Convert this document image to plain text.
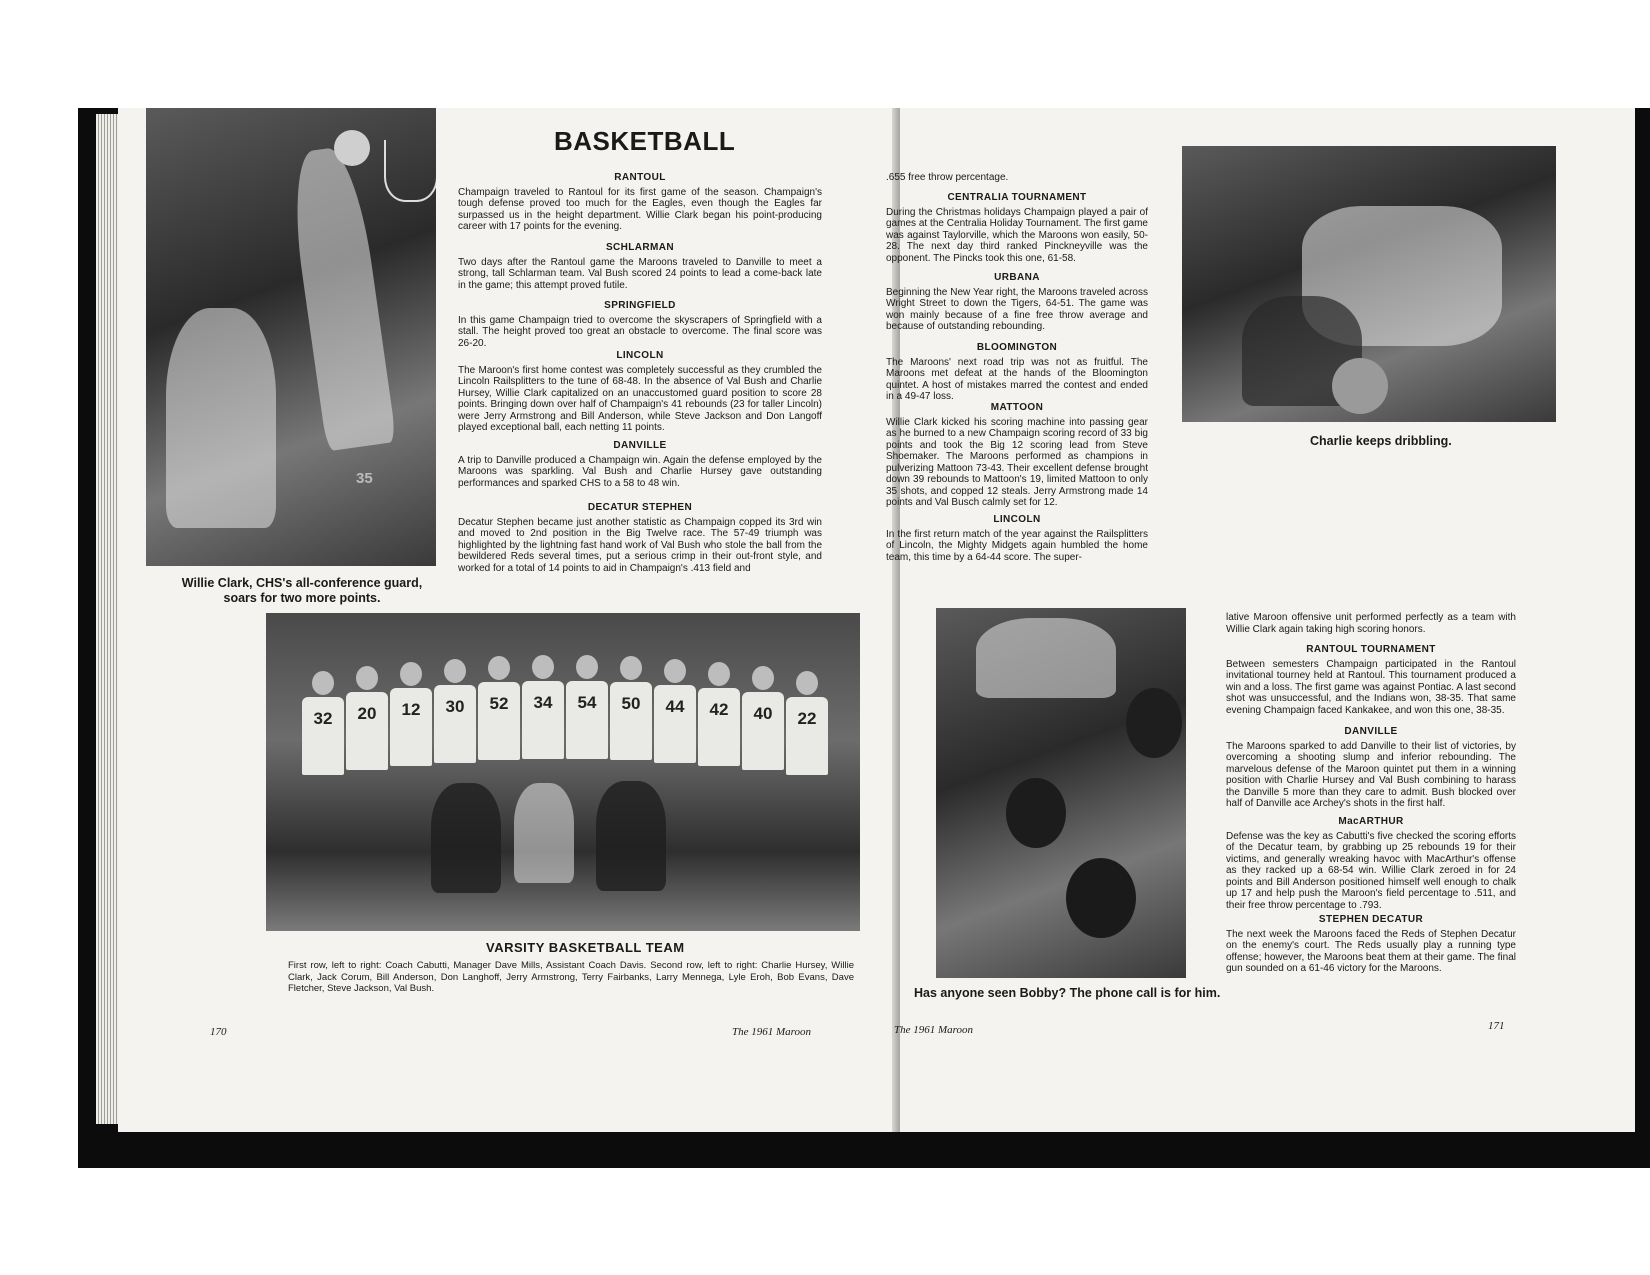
35
BASKETBALL
RANTOUL

Champaign traveled to Rantoul for its first game of the season. Champaign's tough defense proved too much for the Eagles, even though the Eagles far surpassed us in the height department. Willie Clark began his point-producing career with 17 points for the evening.

SCHLARMAN

Two days after the Rantoul game the Maroons traveled to Danville to meet a strong, tall Schlarman team. Val Bush scored 24 points to lead a come-back late in the game; this attempt proved futile.

SPRINGFIELD

In this game Champaign tried to overcome the skyscrapers of Springfield with a stall. The height proved too great an obstacle to overcome. The final score was 26-20.

LINCOLN

The Maroon's first home contest was completely successful as they crumbled the Lincoln Railsplitters to the tune of 68-48. In the absence of Val Bush and Charlie Hursey, Willie Clark capitalized on an unaccustomed guard position to score 28 points. Bringing down over half of Champaign's 41 rebounds (23 for taller Lincoln) were Jerry Armstrong and Bill Anderson, while Steve Jackson and Don Langoff played exceptional ball, each netting 11 points.

DANVILLE

A trip to Danville produced a Champaign win. Again the defense employed by the Maroons was sparkling. Val Bush and Charlie Hursey gave outstanding performances and sparked CHS to a 58 to 48 win.

DECATUR STEPHEN

Decatur Stephen became just another statistic as Champaign copped its 3rd win and moved to 2nd position in the Big Twelve race. The 57-49 triumph was highlighted by the lightning fast hand work of Val Bush who stole the ball from the bewildered Reds several times, put a serious crimp in their out-front style, and worked for a total of 14 points to aid in Champaign's .413 field and

Willie Clark, CHS's all-conference guard,
soars for two more points.
32	20	12	30	52	34	54	50	44	42	40	22
VARSITY BASKETBALL TEAM
First row, left to right: Coach Cabutti, Manager Dave Mills, Assistant Coach Davis. Second row, left to right: Charlie Hursey, Willie Clark, Jack Corum, Bill Anderson, Don Langhoff, Jerry Armstrong, Terry Fairbanks, Larry Mennega, Lyle Eroh, Bob Evans, Dave Fletcher, Steve Jackson, Val Bush.
170	The 1961 Maroon

.655 free throw percentage.

CENTRALIA TOURNAMENT

During the Christmas holidays Champaign played a pair of games at the Centralia Holiday Tournament. The first game was against Taylorville, which the Maroons won easily, 50-28. The next day third ranked Pinckneyville was the opponent. The Pincks took this one, 61-58.

URBANA

Beginning the New Year right, the Maroons traveled across Wright Street to down the Tigers, 64-51. The game was won mainly because of a fine free throw average and because of outstanding rebounding.

BLOOMINGTON

The Maroons' next road trip was not as fruitful. The Maroons met defeat at the hands of the Bloomington quintet. A host of mistakes marred the contest and ended in a 49-47 loss.

MATTOON

Willie Clark kicked his scoring machine into passing gear as he burned to a new Champaign scoring record of 33 big points and took the Big 12 scoring lead from Steve Shoemaker. The Maroons performed as champions in pulverizing Mattoon 73-43. Their excellent defense brought down 39 rebounds to Mattoon's 19, limited Mattoon to only 35 shots, and copped 12 steals. Jerry Armstrong made 14 points and Val Busch calmly set for 12.

LINCOLN

In the first return match of the year against the Railsplitters of Lincoln, the Mighty Midgets again humbled the home team, this time by a 64-44 score. The super-

Charlie keeps dribbling.
Has anyone seen Bobby? The phone call is for him.

lative Maroon offensive unit performed perfectly as a team with Willie Clark again taking high scoring honors.

RANTOUL TOURNAMENT

Between semesters Champaign participated in the Rantoul invitational tourney held at Rantoul. This tournament produced a win and a loss. The first game was against Pontiac. A last second shot was unsuccessful, and the Indians won, 38-35. That same evening Champaign faced Kankakee, and won this one, 38-35.

DANVILLE

The Maroons sparked to add Danville to their list of victories, by overcoming a shooting slump and inferior rebounding. The marvelous defense of the Maroon quintet put them in a winning position with Charlie Hursey and Val Bush combining to harass the Danville 5 more than they care to admit. Bush blocked over half of Danville ace Archey's shots in the first half.

MacARTHUR

Defense was the key as Cabutti's five checked the scoring efforts of the Decatur team, by grabbing up 25 rebounds 19 for their victims, and generally wreaking havoc with MacArthur's offense as they racked up a 68-54 win. Willie Clark zeroed in for 24 points and Bill Anderson positioned himself well enough to chalk up 17 and help push the Maroon's field percentage to .511, and their free throw percentage to .793.

STEPHEN DECATUR

The next week the Maroons faced the Reds of Stephen Decatur on the enemy's court. The Reds usually play a running type offense; however, the Maroons beat them at their game. The final gun sounded on a 61-46 victory for the Maroons.

The 1961 Maroon	171
